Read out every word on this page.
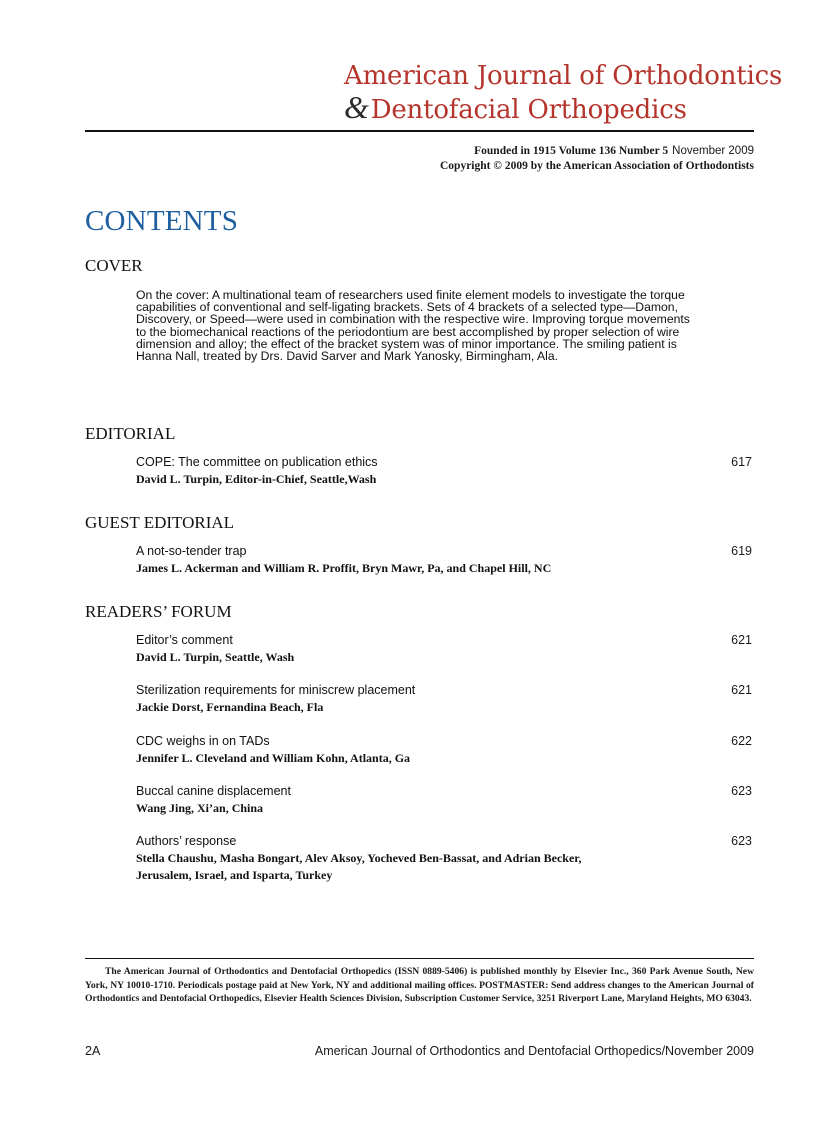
American Journal of Orthodontics
&Dentofacial Orthopedics
Founded in 1915 Volume 136 Number 5 November 2009
Copyright © 2009 by the American Association of Orthodontists
CONTENTS
COVER
On the cover: A multinational team of researchers used finite element models to investigate the torque capabilities of conventional and self-ligating brackets. Sets of 4 brackets of a selected type—Damon, Discovery, or Speed—were used in combination with the respective wire. Improving torque movements to the biomechanical reactions of the periodontium are best accomplished by proper selection of wire dimension and alloy; the effect of the bracket system was of minor importance. The smiling patient is Hanna Nall, treated by Drs. David Sarver and Mark Yanosky, Birmingham, Ala.
EDITORIAL
COPE: The committee on publication ethics	617
David L. Turpin, Editor-in-Chief, Seattle,Wash
GUEST EDITORIAL
A not-so-tender trap	619
James L. Ackerman and William R. Proffit, Bryn Mawr, Pa, and Chapel Hill, NC
READERS’ FORUM
Editor’s comment	621
David L. Turpin, Seattle, Wash
Sterilization requirements for miniscrew placement	621
Jackie Dorst, Fernandina Beach, Fla
CDC weighs in on TADs	622
Jennifer L. Cleveland and William Kohn, Atlanta, Ga
Buccal canine displacement	623
Wang Jing, Xi’an, China
Authors’ response	623
Stella Chaushu, Masha Bongart, Alev Aksoy, Yocheved Ben-Bassat, and Adrian Becker,
Jerusalem, Israel, and Isparta, Turkey
The American Journal of Orthodontics and Dentofacial Orthopedics (ISSN 0889-5406) is published monthly by Elsevier Inc., 360 Park Avenue South, New York, NY 10010-1710. Periodicals postage paid at New York, NY and additional mailing offices. POSTMASTER: Send address changes to the American Journal of Orthodontics and Dentofacial Orthopedics, Elsevier Health Sciences Division, Subscription Customer Service, 3251 Riverport Lane, Maryland Heights, MO 63043.
2A	American Journal of Orthodontics and Dentofacial Orthopedics/November 2009
